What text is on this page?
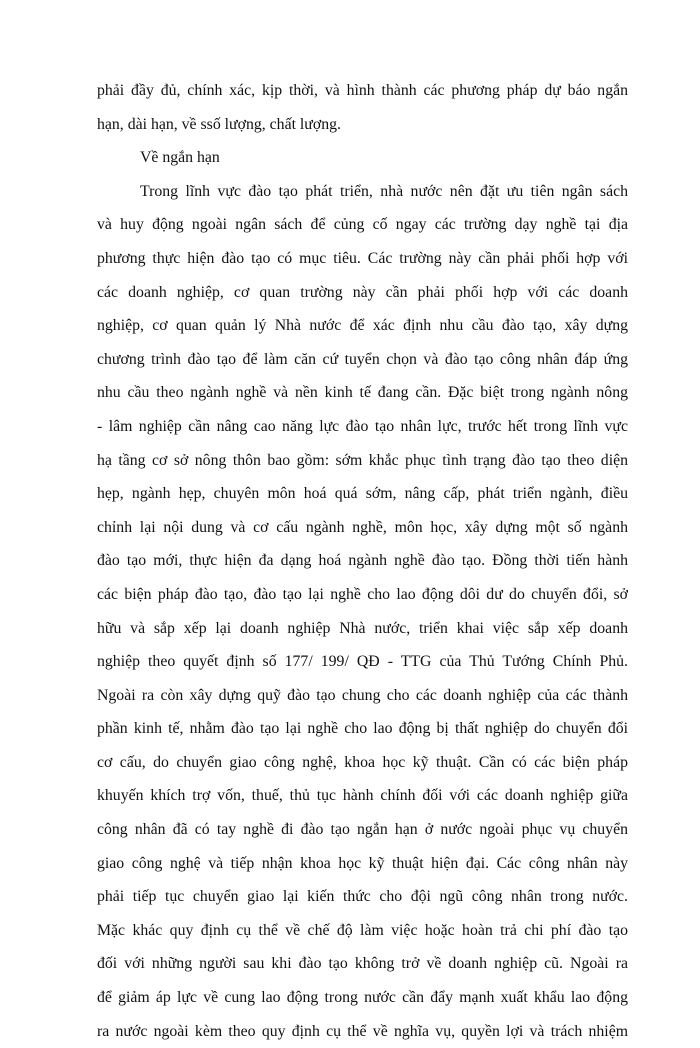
phải đầy đủ, chính xác, kịp thời, và hình thành các phương pháp dự báo ngắn
hạn, dài hạn, về ssố lượng, chất lượng.
Về ngắn hạn
Trong lĩnh vực đào tạo phát triển, nhà nước nên đặt ưu tiên ngân sách
và huy động ngoài ngân sách để củng cố ngay các trường dạy nghề tại địa
phương thực hiện đào tạo có mục tiêu. Các trường này cần phải phối hợp với
các doanh nghiệp, cơ quan trường này cần phải phối hợp với các doanh
nghiệp, cơ quan quản lý Nhà nước để xác định nhu cầu đào tạo, xây dựng
chương trình đào tạo để làm căn cứ tuyển chọn và đào tạo công nhân đáp ứng
nhu cầu theo ngành nghề và nền kinh tế đang cần. Đặc biệt trong ngành nông
- lâm nghiệp cần nâng cao năng lực đào tạo nhân lực, trước hết trong lĩnh vực
hạ tầng cơ sở nông thôn bao gồm: sớm khắc phục tình trạng đào tạo theo diện
hẹp, ngành hẹp, chuyên môn hoá quá sớm, nâng cấp, phát triển ngành, điều
chỉnh lại nội dung và cơ cấu ngành nghề, môn học, xây dựng một số ngành
đào tạo mới, thực hiện đa dạng hoá ngành nghề đào tạo. Đồng thời tiến hành
các biện pháp đào tạo, đào tạo lại nghề cho lao động dôi dư do chuyển đổi, sở
hữu và sắp xếp lại doanh nghiệp Nhà nước, triển khai việc sắp xếp doanh
nghiệp theo quyết định số 177/ 199/ QĐ - TTG của Thủ Tướng Chính Phủ.
Ngoài ra còn xây dựng quỹ đào tạo chung cho các doanh nghiệp của các thành
phần kinh tế, nhằm đào tạo lại nghề cho lao động bị thất nghiệp do chuyển đổi
cơ cấu, do chuyển giao công nghệ, khoa học kỹ thuật. Cần có các biện pháp
khuyến khích trợ vốn, thuế, thủ tục hành chính đối với các doanh nghiệp giữa
công nhân đã có tay nghề đi đào tạo ngắn hạn ở nước ngoài phục vụ chuyển
giao công nghệ và tiếp nhận khoa học kỹ thuật hiện đại. Các công nhân này
phải tiếp tục chuyển giao lại kiến thức cho đội ngũ công nhân trong nước.
Mặc khác quy định cụ thể về chế độ làm việc hoặc hoàn trả chi phí đào tạo
đối với những người sau khi đào tạo không trở về doanh nghiệp cũ. Ngoài ra
để giảm áp lực về cung lao động trong nước cần đẩy mạnh xuất khẩu lao động
ra nước ngoài kèm theo quy định cụ thể về nghĩa vụ, quyền lợi và trách nhiệm
